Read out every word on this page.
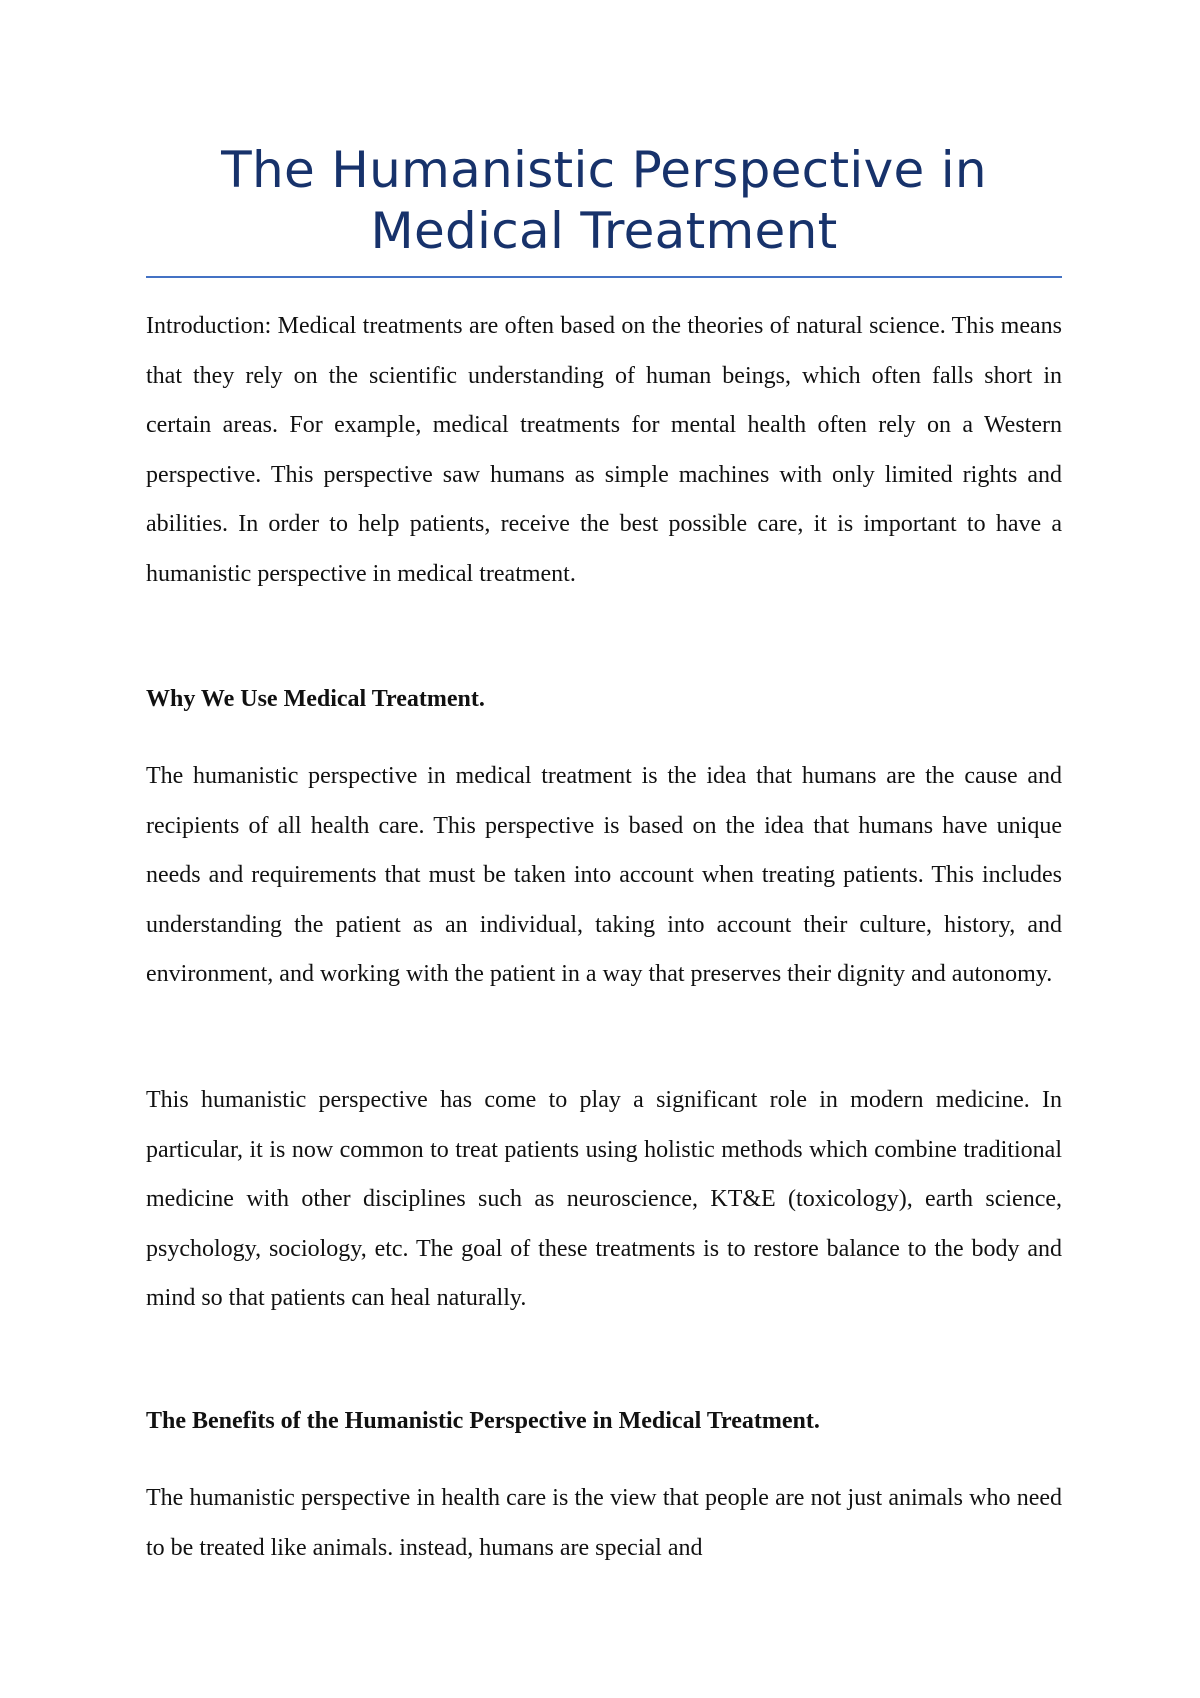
The Humanistic Perspective in Medical Treatment

Introduction: Medical treatments are often based on the theories of natural science. This means that they rely on the scientific understanding of human beings, which often falls short in certain areas. For example, medical treatments for mental health often rely on a Western perspective. This perspective saw humans as simple machines with only limited rights and abilities. In order to help patients, receive the best possible care, it is important to have a humanistic perspective in medical treatment.

Why We Use Medical Treatment.

The humanistic perspective in medical treatment is the idea that humans are the cause and recipients of all health care. This perspective is based on the idea that humans have unique needs and requirements that must be taken into account when treating patients. This includes understanding the patient as an individual, taking into account their culture, history, and environment, and working with the patient in a way that preserves their dignity and autonomy.

This humanistic perspective has come to play a significant role in modern medicine. In particular, it is now common to treat patients using holistic methods which combine traditional medicine with other disciplines such as neuroscience, KT&E (toxicology), earth science, psychology, sociology, etc. The goal of these treatments is to restore balance to the body and mind so that patients can heal naturally.

The Benefits of the Humanistic Perspective in Medical Treatment.

The humanistic perspective in health care is the view that people are not just animals who need to be treated like animals. instead, humans are special and
